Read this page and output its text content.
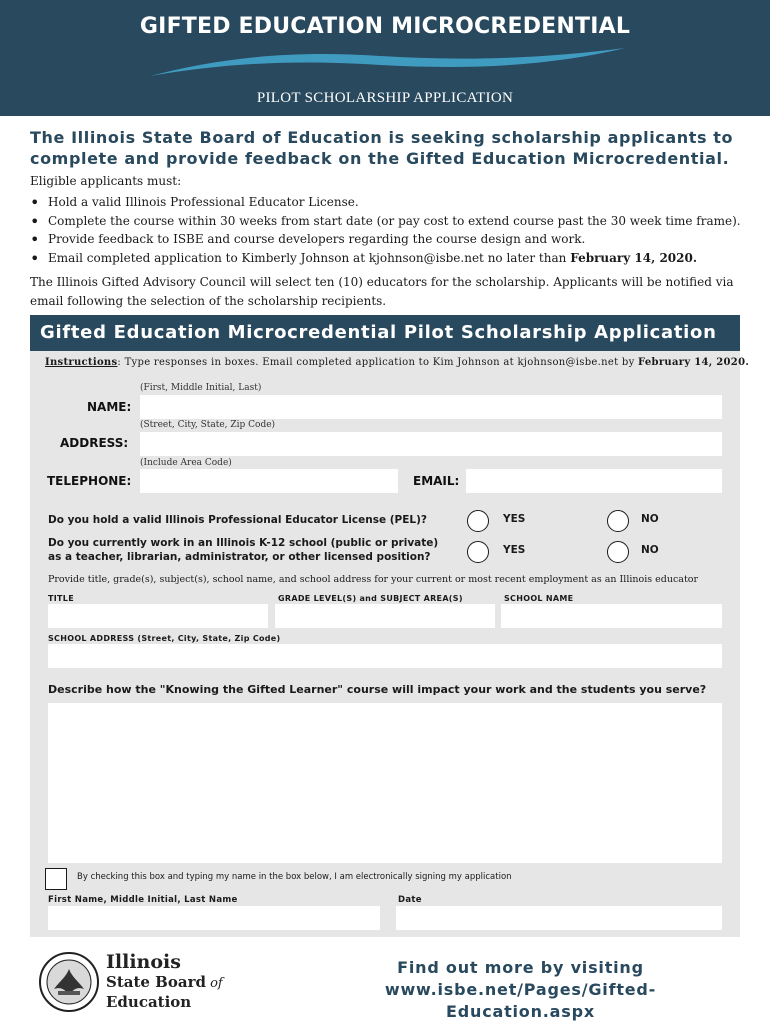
GIFTED EDUCATION MICROCREDENTIAL
PILOT SCHOLARSHIP APPLICATION
The Illinois State Board of Education is seeking scholarship applicants to complete and provide feedback on the Gifted Education Microcredential.
Eligible applicants must:
• Hold a valid Illinois Professional Educator License.
• Complete the course within 30 weeks from start date (or pay cost to extend course past the 30 week time frame).
• Provide feedback to ISBE and course developers regarding the course design and work.
• Email completed application to Kimberly Johnson at kjohnson@isbe.net no later than February 14, 2020.
The Illinois Gifted Advisory Council will select ten (10) educators for the scholarship. Applicants will be notified via email following the selection of the scholarship recipients.
Gifted Education Microcredential Pilot Scholarship Application
Instructions: Type responses in boxes. Email completed application to Kim Johnson at kjohnson@isbe.net by February 14, 2020.
(First, Middle Initial, Last)
NAME:
(Street, City, State, Zip Code)
ADDRESS:
(Include Area Code)
TELEPHONE:	EMAIL:
Do you hold a valid Illinois Professional Educator License (PEL)?	YES	NO
Do you currently work in an Illinois K-12 school (public or private)
as a teacher, librarian, administrator, or other licensed position?
YES	NO
Provide title, grade(s), subject(s), school name, and school address for your current or most recent employment as an Illinois educator
TITLE	GRADE LEVEL(S) and SUBJECT AREA(S)	SCHOOL NAME
SCHOOL ADDRESS (Street, City, State, Zip Code)
Describe how the "Knowing the Gifted Learner" course will impact your work and the students you serve?
By checking this box and typing my name in the box below, I am electronically signing my application
First Name, Middle Initial, Last Name	Date
Illinois
State Board of
Education
Find out more by visiting
www.isbe.net/Pages/Gifted-Education.aspx
